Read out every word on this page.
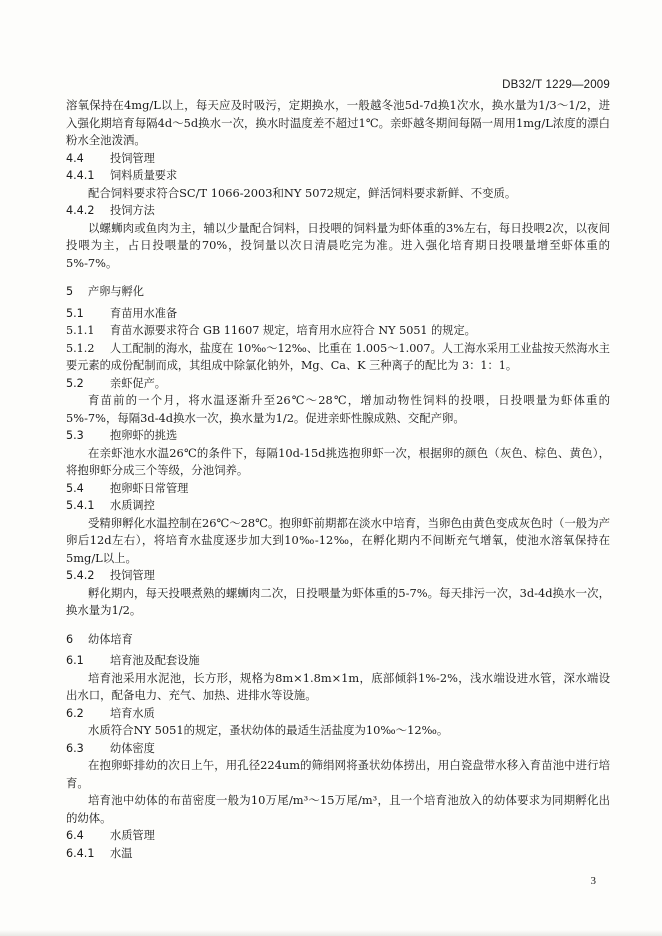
DB32/T 1229—2009

溶氧保持在4mg/L以上，每天应及时吸污，定期换水，一般越冬池5d-7d换1次水，换水量为1/3～1/2，进入强化期培育每隔4d～5d换水一次，换水时温度差不超过1℃。亲虾越冬期间每隔一周用1mg/L浓度的漂白粉水全池泼洒。

4.4 投饲管理

4.4.1 饲料质量要求

配合饲料要求符合SC/T 1066-2003和NY 5072规定，鲜活饲料要求新鲜、不变质。

4.4.2 投饲方法

以螺蛳肉或鱼肉为主，辅以少量配合饲料，日投喂的饲料量为虾体重的3%左右，每日投喂2次，以夜间投喂为主，占日投喂量的70%，投饲量以次日清晨吃完为准。进入强化培育期日投喂量增至虾体重的5%-7%。

5 产卵与孵化

5.1 育苗用水准备

5.1.1 育苗水源要求符合 GB 11607 规定，培育用水应符合 NY 5051 的规定。

5.1.2 人工配制的海水，盐度在 10‰～12‰、比重在 1.005～1.007。人工海水采用工业盐按天然海水主要元素的成份配制而成，其组成中除氯化钠外，Mg、Ca、K 三种离子的配比为 3：1：1。

5.2 亲虾促产。

育苗前的一个月，将水温逐渐升至26℃～28℃，增加动物性饲料的投喂，日投喂量为虾体重的5%-7%，每隔3d-4d换水一次，换水量为1/2。促进亲虾性腺成熟、交配产卵。

5.3 抱卵虾的挑选

在亲虾池水水温26℃的条件下，每隔10d-15d挑选抱卵虾一次，根据卵的颜色（灰色、棕色、黄色），将抱卵虾分成三个等级，分池饲养。

5.4 抱卵虾日常管理

5.4.1 水质调控

受精卵孵化水温控制在26℃～28℃。抱卵虾前期都在淡水中培育，当卵色由黄色变成灰色时（一般为产卵后12d左右），将培育水盐度逐步加大到10‰-12‰，在孵化期内不间断充气增氧，使池水溶氧保持在5mg/L以上。

5.4.2 投饲管理

孵化期内，每天投喂煮熟的螺蛳肉二次，日投喂量为虾体重的5-7%。每天排污一次，3d-4d换水一次，换水量为1/2。

6 幼体培育

6.1 培育池及配套设施

培育池采用水泥池，长方形，规格为8m×1.8m×1m，底部倾斜1%-2%，浅水端设进水管，深水端设出水口，配备电力、充气、加热、进排水等设施。

6.2 培育水质

水质符合NY 5051的规定，蚤状幼体的最适生活盐度为10‰～12‰。

6.3 幼体密度

在抱卵虾排幼的次日上午，用孔径224um的筛绢网将蚤状幼体捞出，用白瓷盘带水移入育苗池中进行培育。

培育池中幼体的布苗密度一般为10万尾/m³～15万尾/m³，且一个培育池放入的幼体要求为同期孵化出的幼体。

6.4 水质管理

6.4.1 水温

3
